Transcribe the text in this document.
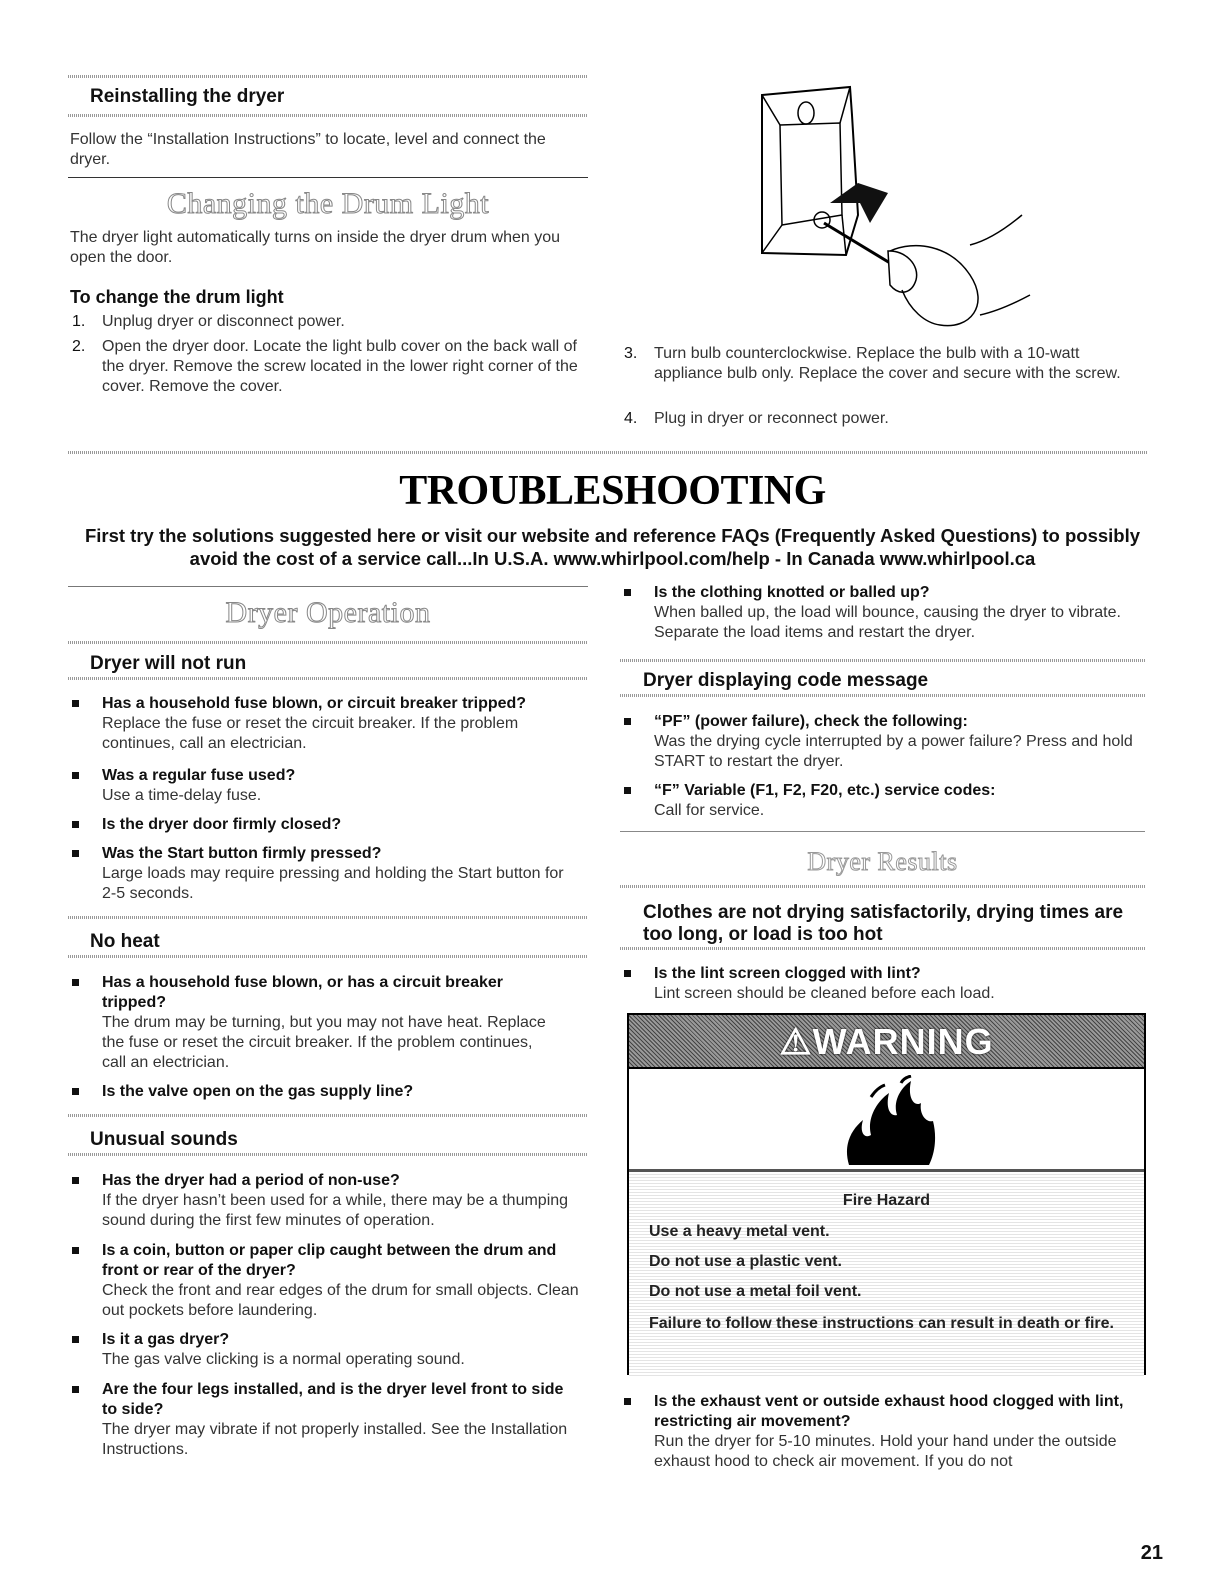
Reinstalling the dryer
Follow the “Installation Instructions” to locate, level and connect the dryer.
Changing the Drum Light
The dryer light automatically turns on inside the dryer drum when you open the door.
To change the drum light
1. Unplug dryer or disconnect power.
2. Open the dryer door. Locate the light bulb cover on the back wall of the dryer. Remove the screw located in the lower right corner of the cover. Remove the cover.
3. Turn bulb counterclockwise. Replace the bulb with a 10-watt appliance bulb only. Replace the cover and secure with the screw.
4. Plug in dryer or reconnect power.
TROUBLESHOOTING
First try the solutions suggested here or visit our website and reference FAQs (Frequently Asked Questions) to possibly avoid the cost of a service call...In U.S.A. www.whirlpool.com/help - In Canada www.whirlpool.ca
Dryer Operation
Dryer will not run
Has a household fuse blown, or circuit breaker tripped?
Replace the fuse or reset the circuit breaker. If the problem continues, call an electrician.
Was a regular fuse used?
Use a time-delay fuse.
Is the dryer door firmly closed?
Was the Start button firmly pressed?
Large loads may require pressing and holding the Start button for 2-5 seconds.
No heat
Has a household fuse blown, or has a circuit breaker tripped?
The drum may be turning, but you may not have heat. Replace the fuse or reset the circuit breaker. If the problem continues, call an electrician.
Is the valve open on the gas supply line?
Unusual sounds
Has the dryer had a period of non-use?
If the dryer hasn’t been used for a while, there may be a thumping sound during the first few minutes of operation.
Is a coin, button or paper clip caught between the drum and front or rear of the dryer?
Check the front and rear edges of the drum for small objects. Clean out pockets before laundering.
Is it a gas dryer?
The gas valve clicking is a normal operating sound.
Are the four legs installed, and is the dryer level front to side to side?
The dryer may vibrate if not properly installed. See the Installation Instructions.
Is the clothing knotted or balled up?
When balled up, the load will bounce, causing the dryer to vibrate. Separate the load items and restart the dryer.
Dryer displaying code message
“PF” (power failure), check the following:
Was the drying cycle interrupted by a power failure? Press and hold START to restart the dryer.
“F” Variable (F1, F2, F20, etc.) service codes:
Call for service.
Dryer Results
Clothes are not drying satisfactorily, drying times are too long, or load is too hot
Is the lint screen clogged with lint?
Lint screen should be cleaned before each load.
⚠WARNING
Fire Hazard
Use a heavy metal vent.
Do not use a plastic vent.
Do not use a metal foil vent.
Failure to follow these instructions can result in death or fire.
Is the exhaust vent or outside exhaust hood clogged with lint, restricting air movement?
Run the dryer for 5-10 minutes. Hold your hand under the outside exhaust hood to check air movement. If you do not
21
